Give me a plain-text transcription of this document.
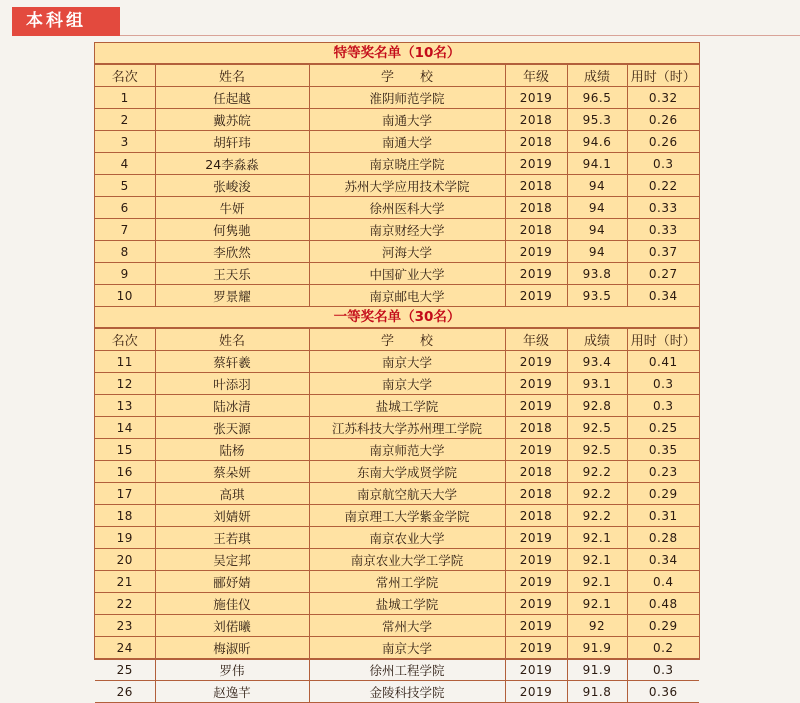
本科组
特等奖名单（10名）
名次	姓名	学　　校	年级	成绩	用时（时）
1	任起越	淮阴师范学院	2019	96.5	0.32
2	戴苏皖	南通大学	2018	95.3	0.26
3	胡轩玮	南通大学	2018	94.6	0.26
4	24李淼淼	南京晓庄学院	2019	94.1	0.3
5	张峻浚	苏州大学应用技术学院	2018	94	0.22
6	牛妍	徐州医科大学	2018	94	0.33
7	何隽驰	南京财经大学	2018	94	0.33
8	李欣然	河海大学	2019	94	0.37
9	王天乐	中国矿业大学	2019	93.8	0.27
10	罗景耀	南京邮电大学	2019	93.5	0.34
一等奖名单（30名）
名次	姓名	学　　校	年级	成绩	用时（时）
11	蔡轩羲	南京大学	2019	93.4	0.41
12	叶添羽	南京大学	2019	93.1	0.3
13	陆冰清	盐城工学院	2019	92.8	0.3
14	张天源	江苏科技大学苏州理工学院	2018	92.5	0.25
15	陆杨	南京师范大学	2019	92.5	0.35
16	蔡朵妍	东南大学成贤学院	2018	92.2	0.23
17	高琪	南京航空航天大学	2018	92.2	0.29
18	刘婧妍	南京理工大学紫金学院	2018	92.2	0.31
19	王若琪	南京农业大学	2019	92.1	0.28
20	吴定邦	南京农业大学工学院	2019	92.1	0.34
21	郦妤婧	常州工学院	2019	92.1	0.4
22	施佳仪	盐城工学院	2019	92.1	0.48
23	刘偌曦	常州大学	2019	92	0.29
24	梅淑昕	南京大学	2019	91.9	0.2
25	罗伟	徐州工程学院	2019	91.9	0.3
26	赵逸芊	金陵科技学院	2019	91.8	0.36
